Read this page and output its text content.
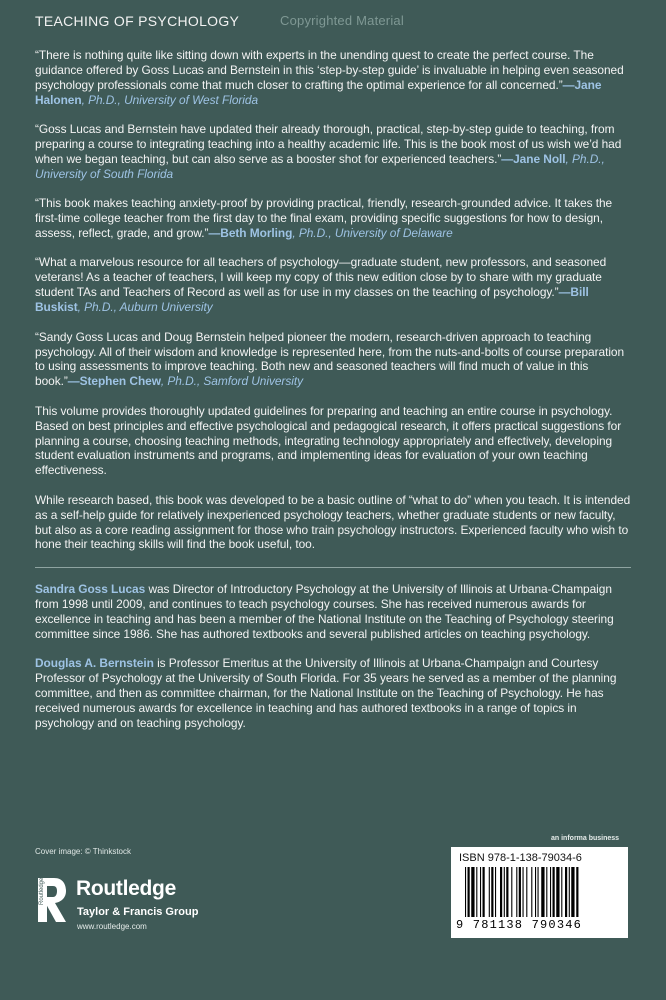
TEACHING OF PSYCHOLOGY	Copyrighted Material

“There is nothing quite like sitting down with experts in the unending quest to create the perfect course. The guidance offered by Goss Lucas and Bernstein in this ‘step-by-step guide’ is invaluable in helping even seasoned psychology professionals come that much closer to crafting the optimal experience for all concerned.”—Jane Halonen, Ph.D., University of West Florida

“Goss Lucas and Bernstein have updated their already thorough, practical, step-by-step guide to teaching, from preparing a course to integrating teaching into a healthy academic life. This is the book most of us wish we’d had when we began teaching, but can also serve as a booster shot for experienced teachers.”—Jane Noll, Ph.D., University of South Florida

“This book makes teaching anxiety-proof by providing practical, friendly, research-grounded advice. It takes the first-time college teacher from the first day to the final exam, providing specific suggestions for how to design, assess, reflect, grade, and grow.”—Beth Morling, Ph.D., University of Delaware

“What a marvelous resource for all teachers of psychology—graduate student, new professors, and seasoned veterans! As a teacher of teachers, I will keep my copy of this new edition close by to share with my graduate student TAs and Teachers of Record as well as for use in my classes on the teaching of psychology.”—Bill Buskist, Ph.D., Auburn University

“Sandy Goss Lucas and Doug Bernstein helped pioneer the modern, research-driven approach to teaching psychology. All of their wisdom and knowledge is represented here, from the nuts-and-bolts of course preparation to using assessments to improve teaching. Both new and seasoned teachers will find much of value in this book.”—Stephen Chew, Ph.D., Samford University

This volume provides thoroughly updated guidelines for preparing and teaching an entire course in psychology. Based on best principles and effective psychological and pedagogical research, it offers practical suggestions for planning a course, choosing teaching methods, integrating technology appropriately and effectively, developing student evaluation instruments and programs, and implementing ideas for evaluation of your own teaching effectiveness.

While research based, this book was developed to be a basic outline of “what to do” when you teach. It is intended as a self-help guide for relatively inexperienced psychology teachers, whether graduate students or new faculty, but also as a core reading assignment for those who train psychology instructors. Experienced faculty who wish to hone their teaching skills will find the book useful, too.

Sandra Goss Lucas was Director of Introductory Psychology at the University of Illinois at Urbana-Champaign from 1998 until 2009, and continues to teach psychology courses. She has received numerous awards for excellence in teaching and has been a member of the National Institute on the Teaching of Psychology steering committee since 1986. She has authored textbooks and several published articles on teaching psychology.

Douglas A. Bernstein is Professor Emeritus at the University of Illinois at Urbana-Champaign and Courtesy Professor of Psychology at the University of South Florida. For 35 years he served as a member of the planning committee, and then as committee chairman, for the National Institute on the Teaching of Psychology. He has received numerous awards for excellence in teaching and has authored textbooks in a range of topics in psychology and on teaching psychology.

Cover image: © Thinkstock
an informa business
ISBN 978-1-138-79034-6
9 781138 790346
Routledge Routledge
Taylor & Francis Group
www.routledge.com
